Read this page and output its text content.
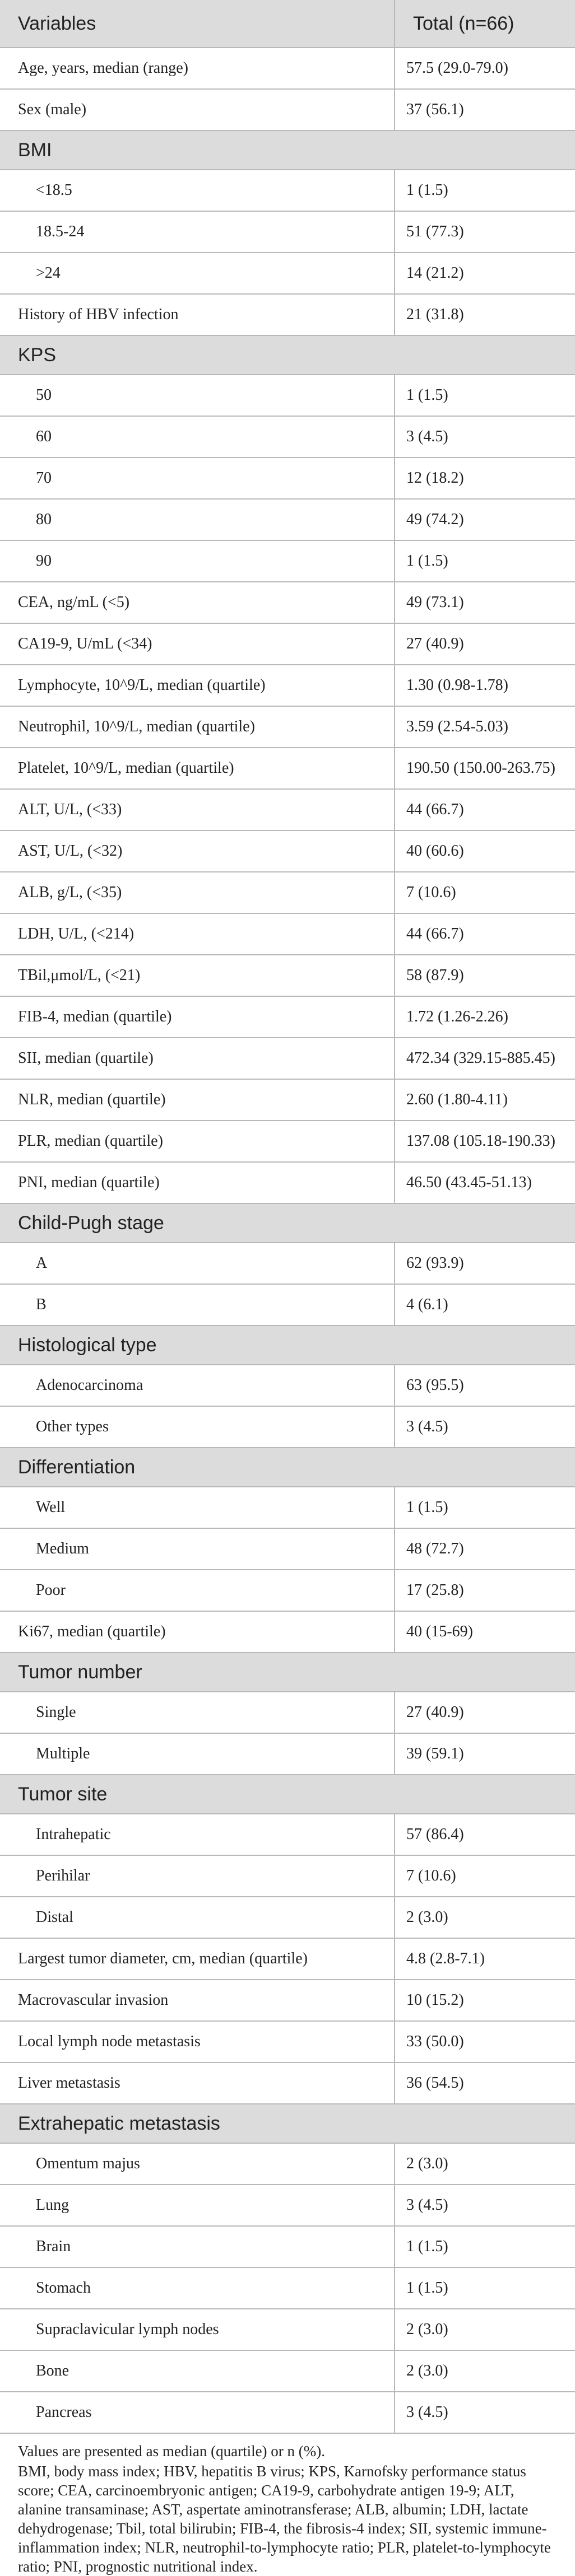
Variables	Total (n=66)
Age, years, median (range)	57.5 (29.0-79.0)
Sex (male)	37 (56.1)
BMI	
<18.5	1 (1.5)
18.5-24	51 (77.3)
>24	14 (21.2)
History of HBV infection	21 (31.8)
KPS	
50	1 (1.5)
60	3 (4.5)
70	12 (18.2)
80	49 (74.2)
90	1 (1.5)
CEA, ng/mL (<5)	49 (73.1)
CA19-9, U/mL (<34)	27 (40.9)
Lymphocyte, 10^9/L, median (quartile)	1.30 (0.98-1.78)
Neutrophil, 10^9/L, median (quartile)	3.59 (2.54-5.03)
Platelet, 10^9/L, median (quartile)	190.50 (150.00-263.75)
ALT, U/L, (<33)	44 (66.7)
AST, U/L, (<32)	40 (60.6)
ALB, g/L, (<35)	7 (10.6)
LDH, U/L, (<214)	44 (66.7)
TBil,μmol/L, (<21)	58 (87.9)
FIB-4, median (quartile)	1.72 (1.26-2.26)
SII, median (quartile)	472.34 (329.15-885.45)
NLR, median (quartile)	2.60 (1.80-4.11)
PLR, median (quartile)	137.08 (105.18-190.33)
PNI, median (quartile)	46.50 (43.45-51.13)
Child-Pugh stage	
A	62 (93.9)
B	4 (6.1)
Histological type	
Adenocarcinoma	63 (95.5)
Other types	3 (4.5)
Differentiation	
Well	1 (1.5)
Medium	48 (72.7)
Poor	17 (25.8)
Ki67, median (quartile)	40 (15-69)
Tumor number	
Single	27 (40.9)
Multiple	39 (59.1)
Tumor site	
Intrahepatic	57 (86.4)
Perihilar	7 (10.6)
Distal	2 (3.0)
Largest tumor diameter, cm, median (quartile)	4.8 (2.8-7.1)
Macrovascular invasion	10 (15.2)
Local lymph node metastasis	33 (50.0)
Liver metastasis	36 (54.5)
Extrahepatic metastasis	
Omentum majus	2 (3.0)
Lung	3 (4.5)
Brain	1 (1.5)
Stomach	1 (1.5)
Supraclavicular lymph nodes	2 (3.0)
Bone	2 (3.0)
Pancreas	3 (4.5)

Values are presented as median (quartile) or n (%).

BMI, body mass index; HBV, hepatitis B virus; KPS, Karnofsky performance status score; CEA, carcinoembryonic antigen; CA19-9, carbohydrate antigen 19-9; ALT, alanine transaminase; AST, aspertate aminotransferase; ALB, albumin; LDH, lactate dehydrogenase; Tbil, total bilirubin; FIB-4, the fibrosis-4 index; SII, systemic immune-inflammation index; NLR, neutrophil-to-lymphocyte ratio; PLR, platelet-to-lymphocyte ratio; PNI, prognostic nutritional index.
